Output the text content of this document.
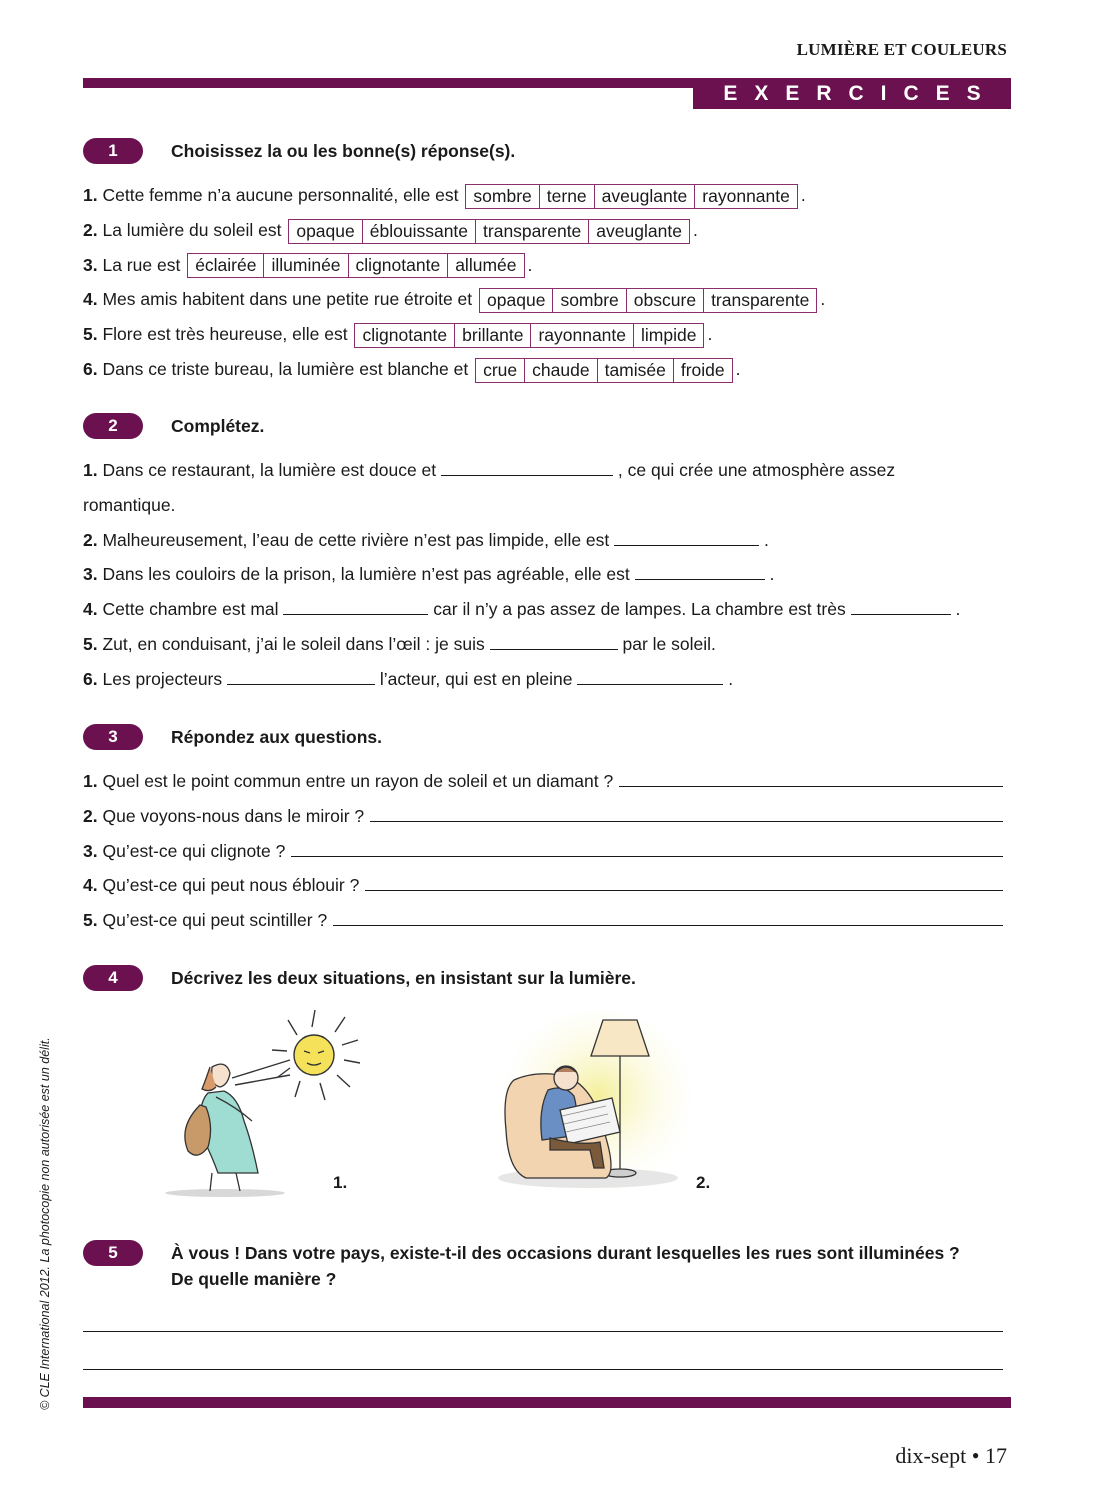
LUMIÈRE ET COULEURS
EXERCICES
1	Choisissez la ou les bonne(s) réponse(s).
1. Cette femme n’a aucune personnalité, elle est sombre terne aveuglante rayonnante .
2. La lumière du soleil est opaque éblouissante transparente aveuglante .
3. La rue est éclairée illuminée clignotante allumée .
4. Mes amis habitent dans une petite rue étroite et opaque sombre obscure transparente .
5. Flore est très heureuse, elle est clignotante brillante rayonnante limpide .
6. Dans ce triste bureau, la lumière est blanche et crue chaude tamisée froide .
2	Complétez.
1. Dans ce restaurant, la lumière est douce et	, ce qui crée une atmosphère assez
romantique.
2. Malheureusement, l’eau de cette rivière n’est pas limpide, elle est	.
3. Dans les couloirs de la prison, la lumière n’est pas agréable, elle est	.
4. Cette chambre est mal	car il n’y a pas assez de lampes. La chambre est très	.
5. Zut, en conduisant, j’ai le soleil dans l’œil : je suis	par le soleil.
6. Les projecteurs	l’acteur, qui est en pleine	.
3	Répondez aux questions.
1. Quel est le point commun entre un rayon de soleil et un diamant ?
2. Que voyons-nous dans le miroir ?
3. Qu’est-ce qui clignote ?
4. Qu’est-ce qui peut nous éblouir ?
5. Qu’est-ce qui peut scintiller ?
4	Décrivez les deux situations, en insistant sur la lumière.
1.	2.
5	À vous ! Dans votre pays, existe-t-il des occasions durant lesquelles les rues sont illuminées ?
De quelle manière ?
dix-sept • 17
© CLE International 2012. La photocopie non autorisée est un délit.
